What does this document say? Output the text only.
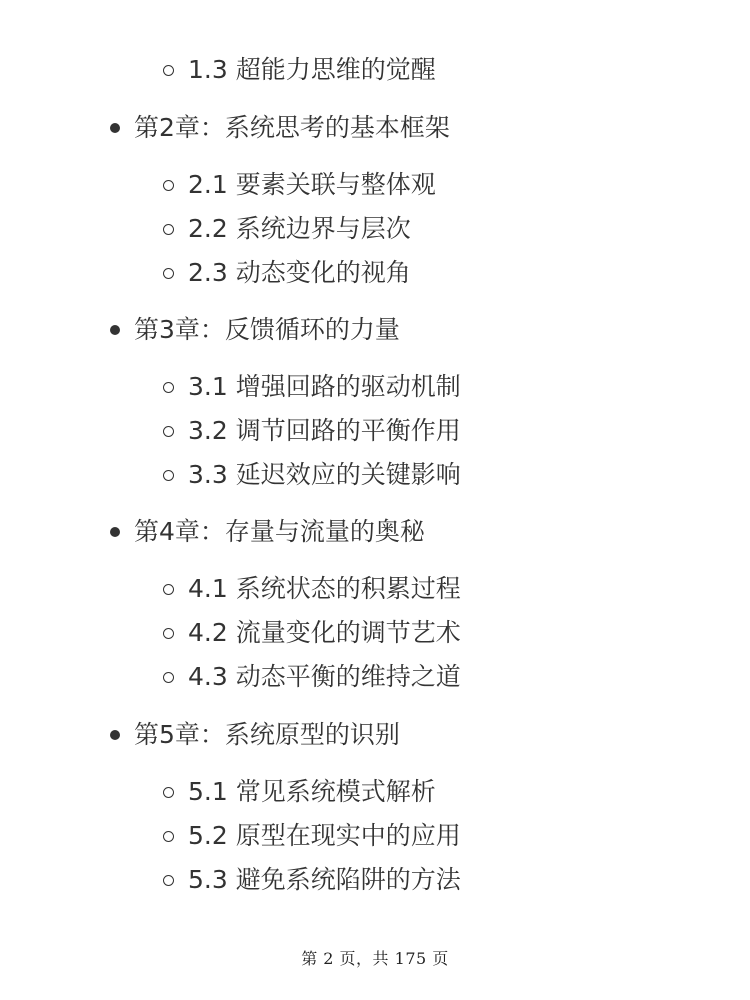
1.3 超能力思维的觉醒
第2章：系统思考的基本框架
2.1 要素关联与整体观
2.2 系统边界与层次
2.3 动态变化的视角
第3章：反馈循环的力量
3.1 增强回路的驱动机制
3.2 调节回路的平衡作用
3.3 延迟效应的关键影响
第4章：存量与流量的奥秘
4.1 系统状态的积累过程
4.2 流量变化的调节艺术
4.3 动态平衡的维持之道
第5章：系统原型的识别
5.1 常见系统模式解析
5.2 原型在现实中的应用
5.3 避免系统陷阱的方法
第 2 页，共 175 页
